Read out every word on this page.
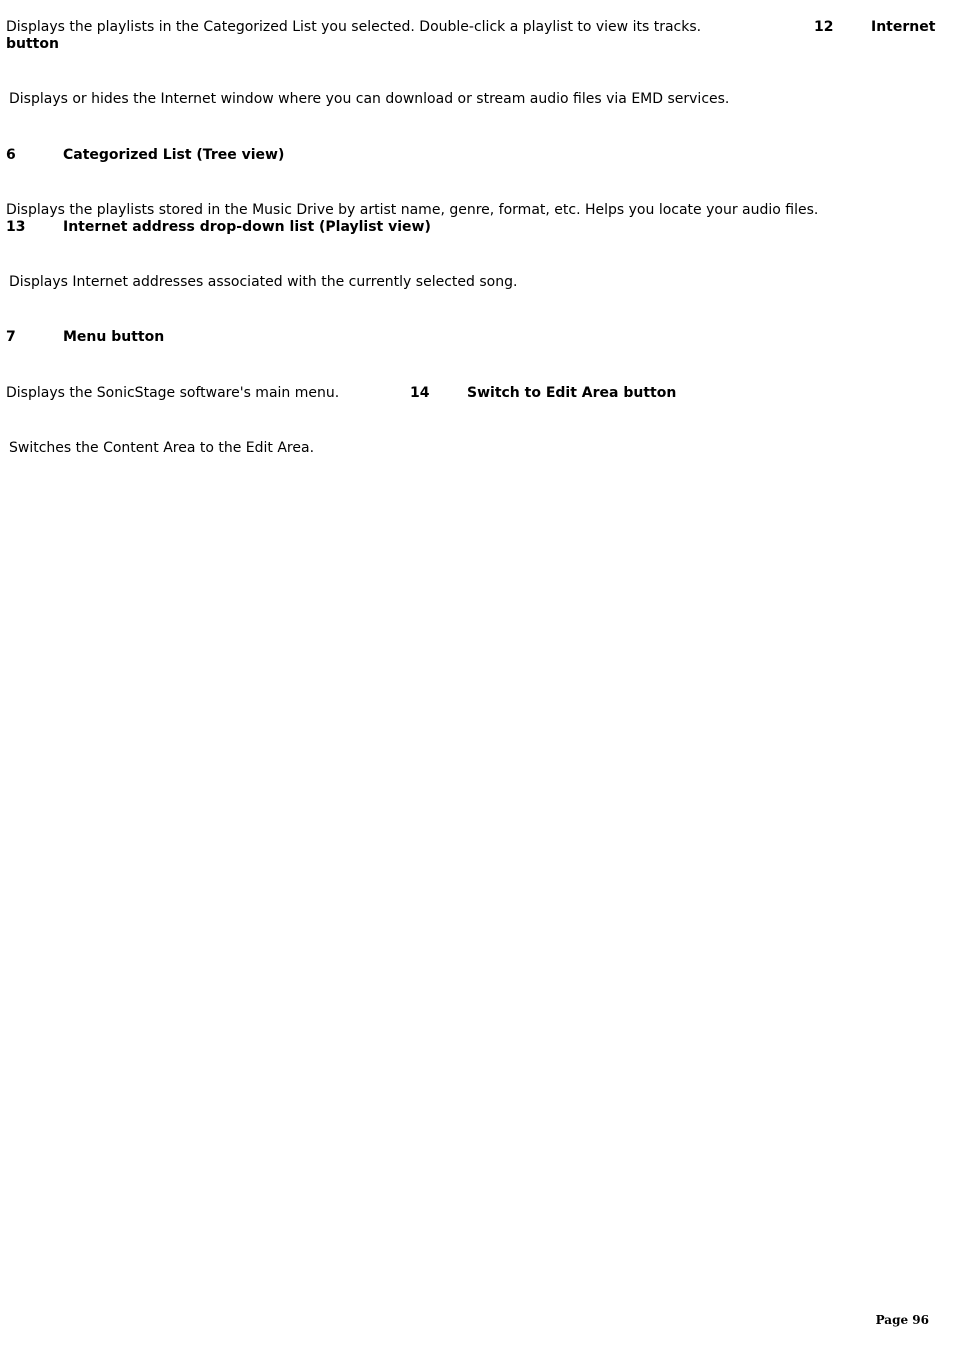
Displays the playlists in the Categorized List you selected. Double-click a playlist to view its tracks.	12	Internet
button
Displays or hides the Internet window where you can download or stream audio files via EMD services.
6	Categorized List (Tree view)
Displays the playlists stored in the Music Drive by artist name, genre, format, etc. Helps you locate your audio files.
13	Internet address drop-down list (Playlist view)
Displays Internet addresses associated with the currently selected song.
7	Menu button
Displays the SonicStage software's main menu.	14	Switch to Edit Area button
Switches the Content Area to the Edit Area.
Page 96
